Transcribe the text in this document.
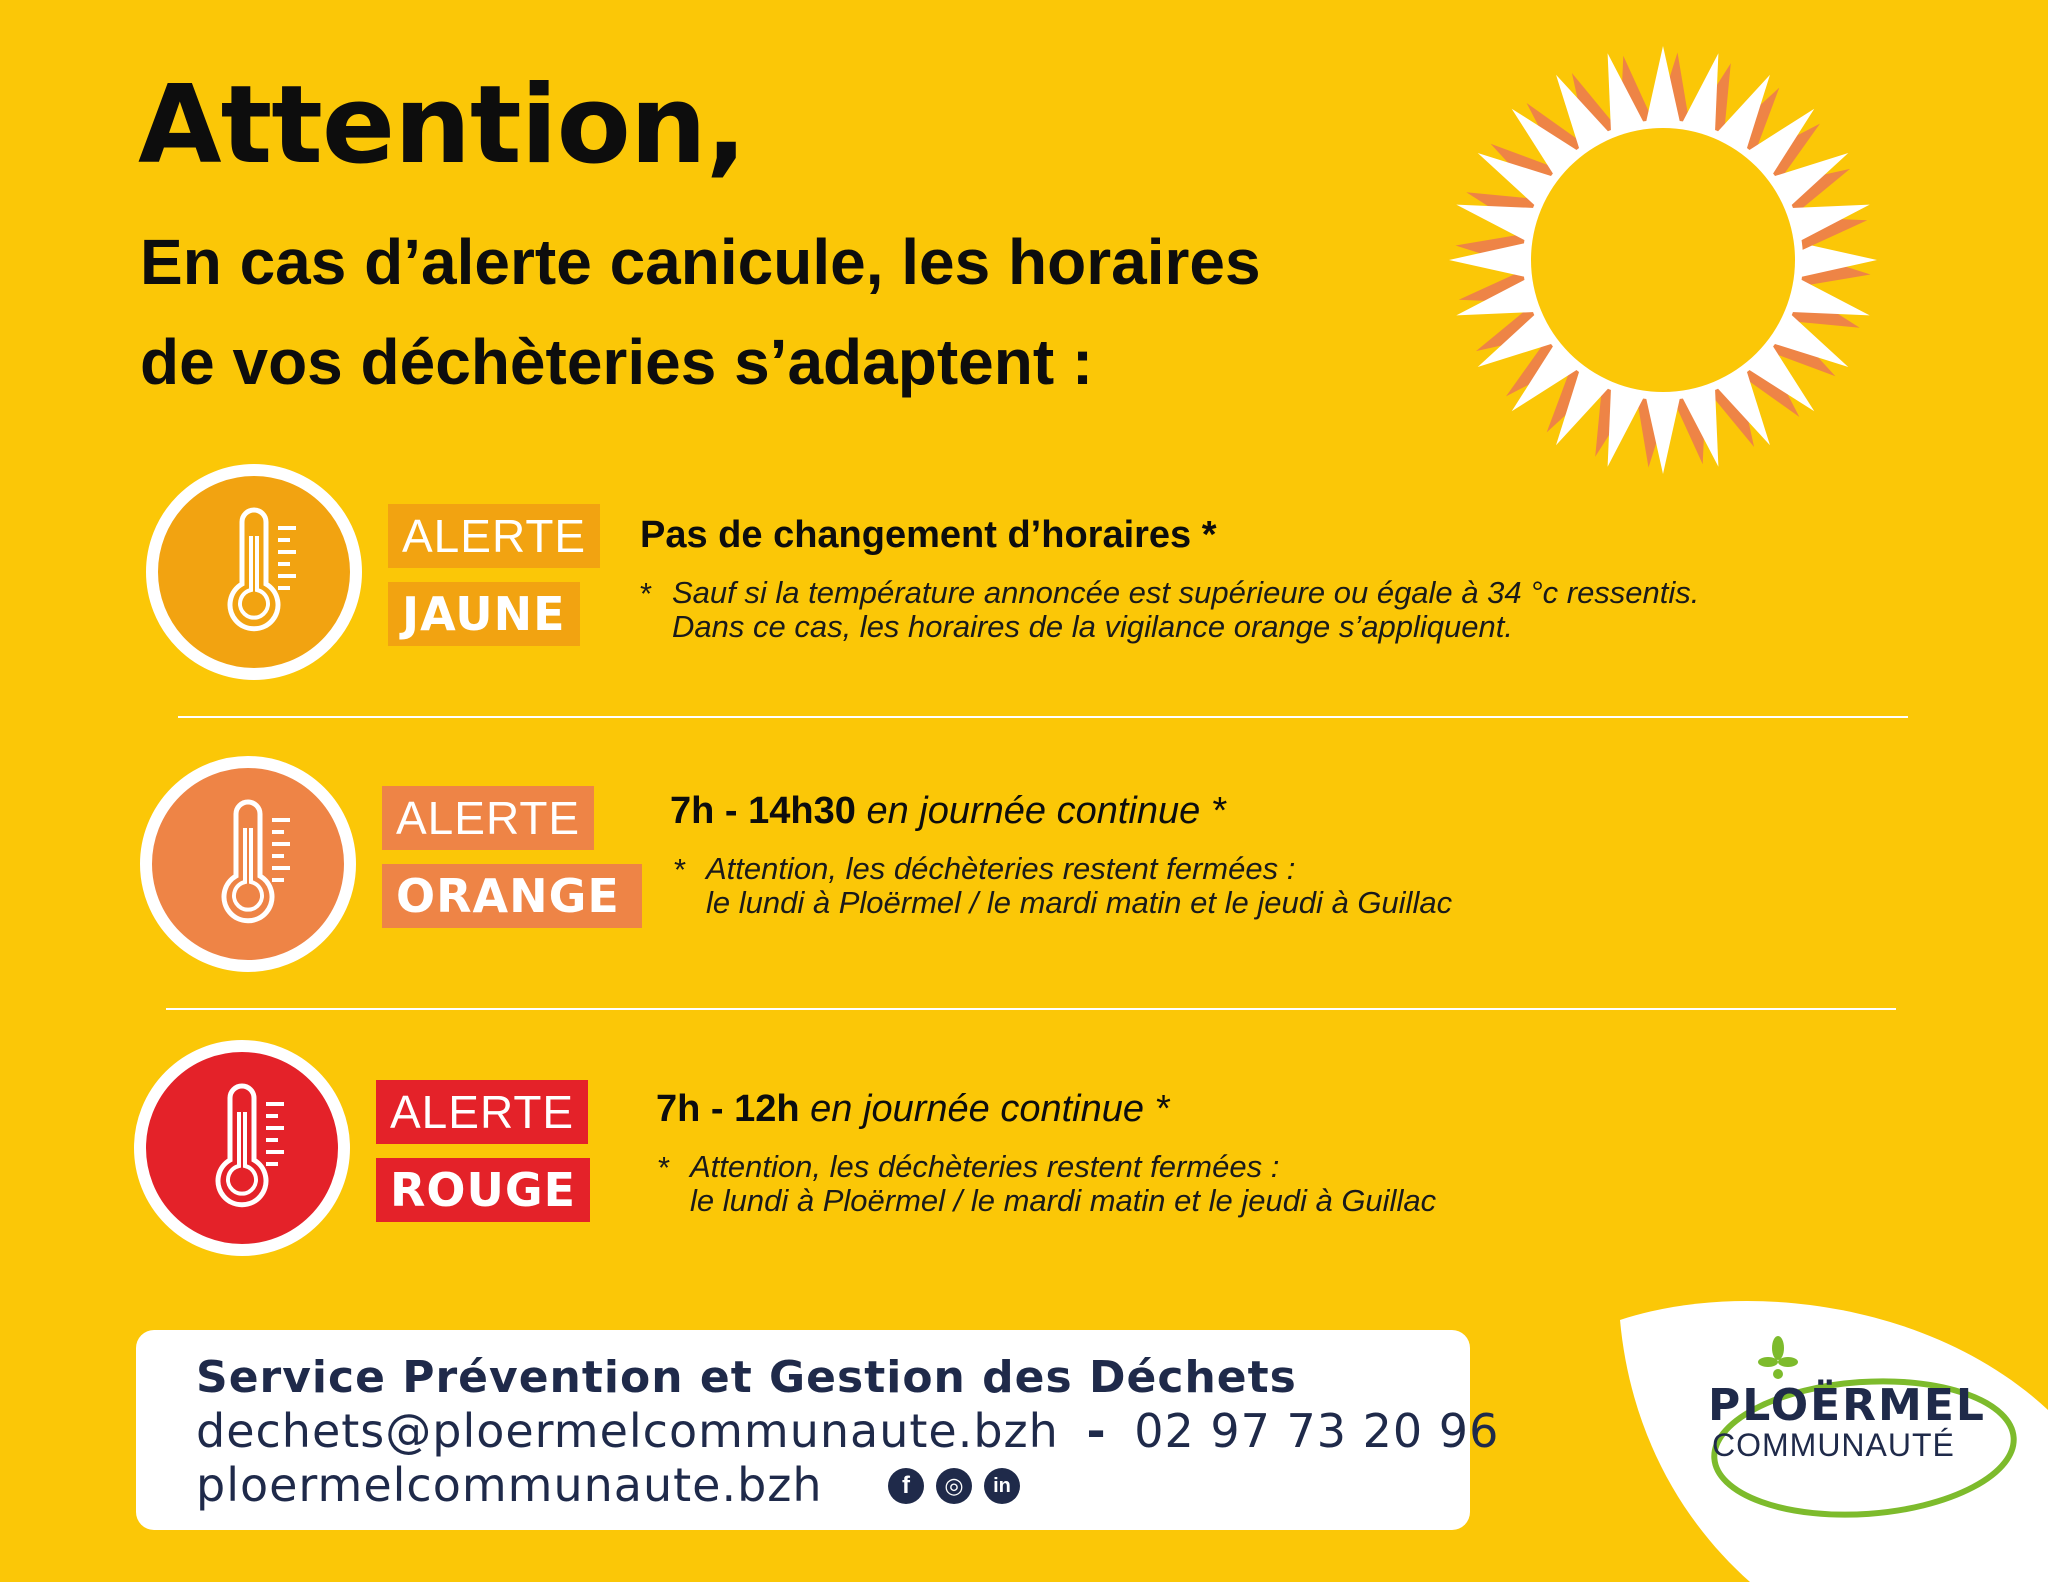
Attention,
En cas d’alerte canicule, les horaires
de vos déchèteries s’adaptent :
ALERTE
JAUNE
Pas de changement d’horaires *
* Sauf si la température annoncée est supérieure ou égale à 34 °c ressentis.
Dans ce cas, les horaires de la vigilance orange s’appliquent.
ALERTE
ORANGE
7h - 14h30 en journée continue *
* Attention, les déchèteries restent fermées :
le lundi à Ploërmel / le mardi matin et le jeudi à Guillac
ALERTE
ROUGE
7h - 12h en journée continue *
* Attention, les déchèteries restent fermées :
le lundi à Ploërmel / le mardi matin et le jeudi à Guillac
Service Prévention et Gestion des Déchets
dechets@ploermelcommunaute.bzh - 02 97 73 20 96
ploermelcommunaute.bzh	f	◎	in
PLOËRMEL
COMMUNAUTÉ
